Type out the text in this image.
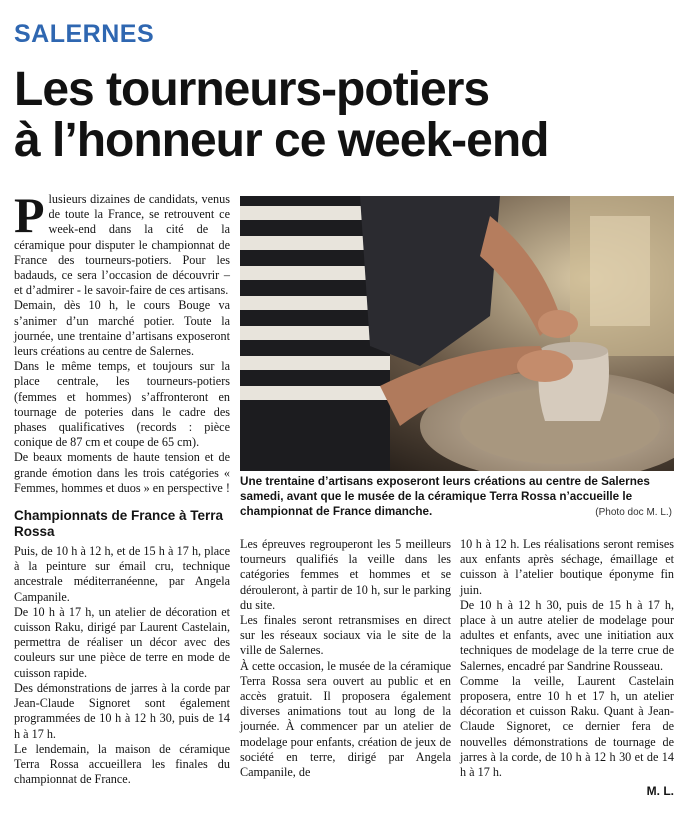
SALERNES
Les tourneurs-potiers
à l’honneur ce week-end

Plusieurs dizaines de candidats, venus de toute la France, se retrouvent ce week-end dans la cité de la céramique pour disputer le championnat de France des tourneurs-potiers. Pour les badauds, ce sera l’occasion de découvrir – et d’admirer - le savoir-faire de ces artisans.

Demain, dès 10 h, le cours Bouge va s’animer d’un marché potier. Toute la journée, une trentaine d’artisans exposeront leurs créations au centre de Salernes.

Dans le même temps, et toujours sur la place centrale, les tourneurs-potiers (femmes et hommes) s’affronteront en tournage de poteries dans le cadre des phases qualificatives (records : pièce conique de 87 cm et coupe de 65 cm).

De beaux moments de haute tension et de grande émotion dans les trois catégories « Femmes, hommes et duos » en perspective !

Championnats de France à Terra Rossa

Puis, de 10 h à 12 h, et de 15 h à 17 h, place à la peinture sur émail cru, technique ancestrale méditerranéenne, par Angela Campanile.

De 10 h à 17 h, un atelier de décoration et cuisson Raku, dirigé par Laurent Castelain, permettra de réaliser un décor avec des couleurs sur une pièce de terre en mode de cuisson rapide.

Des démonstrations de jarres à la corde par Jean-Claude Signoret sont également programmées de 10 h à 12 h 30, puis de 14 h à 17 h.

Le lendemain, la maison de céramique Terra Rossa accueillera les finales du championnat de France.

Une trentaine d’artisans exposeront leurs créations au centre de Salernes samedi, avant que le musée de la céramique Terra Rossa n’accueille le championnat de France dimanche.	(Photo doc M. L.)

Les épreuves regrouperont les 5 meilleurs tourneurs qualifiés la veille dans les catégories femmes et hommes et se dérouleront, à partir de 10 h, sur le parking du site.

Les finales seront retransmises en direct sur les réseaux sociaux via le site de la ville de Salernes.

À cette occasion, le musée de la céramique Terra Rossa sera ouvert au public et en accès gratuit. Il proposera également diverses animations tout au long de la journée. À commencer par un atelier de modelage pour enfants, création de jeux de société en terre, dirigé par Angela Campanile, de

10 h à 12 h. Les réalisations seront remises aux enfants après séchage, émaillage et cuisson à l’atelier boutique éponyme fin juin.

De 10 h à 12 h 30, puis de 15 h à 17 h, place à un autre atelier de modelage pour adultes et enfants, avec une initiation aux techniques de modelage de la terre crue de Salernes, encadré par Sandrine Rousseau.

Comme la veille, Laurent Castelain proposera, entre 10 h et 17 h, un atelier décoration et cuisson Raku. Quant à Jean-Claude Signoret, ce dernier fera de nouvelles démonstrations de tournage de jarres à la corde, de 10 h à 12 h 30 et de 14 h à 17 h.

M. L.
